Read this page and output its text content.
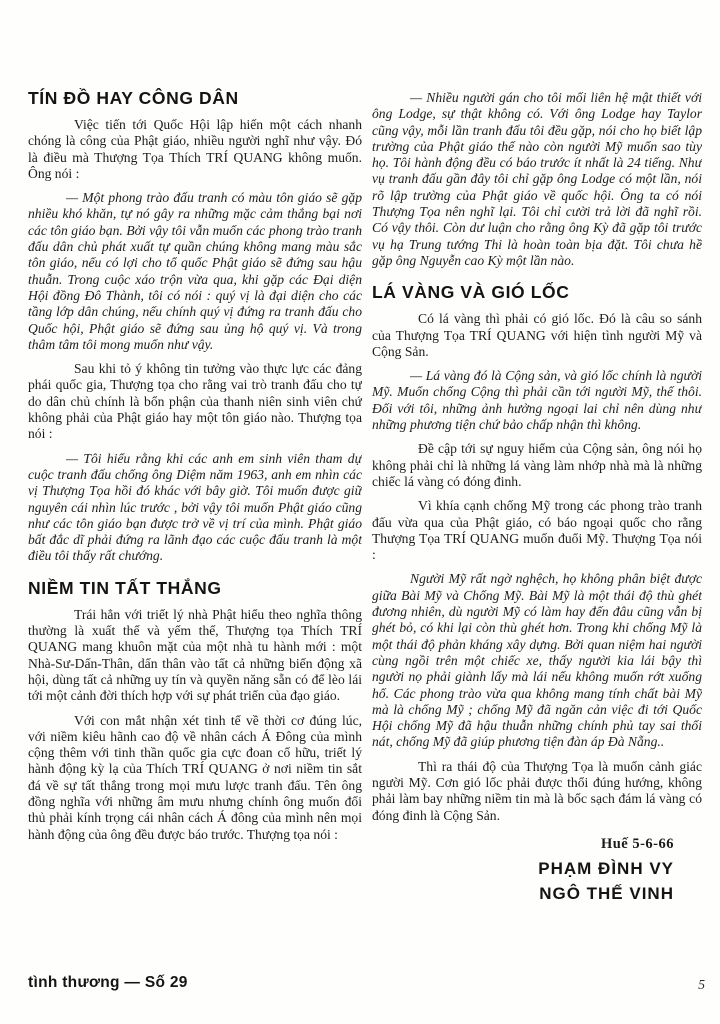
TÍN ĐỒ HAY CÔNG DÂN

Việc tiến tới Quốc Hội lập hiến một cách nhanh chóng là công của Phật giáo, nhiều người nghĩ như vậy. Đó là điều mà Thượng Tọa Thích TRÍ QUANG không muốn. Ông nói :

— Một phong trào đấu tranh có màu tôn giáo sẽ gặp nhiều khó khăn, tự nó gây ra những mặc cảm thắng bại nơi các tôn giáo bạn. Bởi vậy tôi vẫn muốn các phong trào tranh đấu dân chủ phát xuất tự quần chúng không mang màu sắc tôn giáo, nếu có lợi cho tổ quốc Phật giáo sẽ đứng sau hậu thuẫn. Trong cuộc xáo trộn vừa qua, khi gặp các Đại diện Hội đồng Đô Thành, tôi có nói : quý vị là đại diện cho các tầng lớp dân chúng, nếu chính quý vị đứng ra tranh đấu cho Quốc hội, Phật giáo sẽ đứng sau ủng hộ quý vị. Và trong thâm tâm tôi mong muốn như vậy.

Sau khi tỏ ý không tin tưởng vào thực lực các đảng phái quốc gia, Thượng tọa cho rằng vai trò tranh đấu cho tự do dân chủ chính là bổn phận của thanh niên sinh viên chứ không phải của Phật giáo hay một tôn giáo nào. Thượng tọa nói :

— Tôi hiểu rằng khi các anh em sinh viên tham dự cuộc tranh đấu chống ông Diệm năm 1963, anh em nhìn các vị Thượng Tọa hồi đó khác với bây giờ. Tôi muốn được giữ nguyên cái nhìn lúc trước , bởi vậy tôi muốn Phật giáo cũng như các tôn giáo bạn được trở về vị trí của mình. Phật giáo bất đắc dĩ phải đứng ra lãnh đạo các cuộc đấu tranh là một điều tôi thấy rất chướng.

NIỀM TIN TẤT THẮNG

Trái hẳn với triết lý nhà Phật hiểu theo nghĩa thông thường là xuất thế và yếm thế, Thượng tọa Thích TRÍ QUANG mang khuôn mặt của một nhà tu hành mới : một Nhà-Sư-Dấn-Thân, dấn thân vào tất cả những biến động xã hội, dùng tất cả những uy tín và quyền năng sẵn có để lèo lái tới một cảnh đời thích hợp với sự phát triển của đạo giáo.

Với con mắt nhận xét tinh tế về thời cơ đúng lúc, với niềm kiêu hãnh cao độ về nhân cách Á Đông của mình cộng thêm với tinh thần quốc gia cực đoan cố hữu, triết lý hành động kỳ lạ của Thích TRÍ QUANG ở nơi niềm tin sắt đá về sự tất thắng trong mọi mưu lược tranh đấu. Tên ông đồng nghĩa với những âm mưu nhưng chính ông muốn đối thủ phải kính trọng cái nhân cách Á đông của mình nên mọi hành động của ông đều được báo trước. Thượng tọa nói :

— Nhiều người gán cho tôi mối liên hệ mật thiết với ông Lodge, sự thật không có. Với ông Lodge hay Taylor cũng vậy, mỗi lần tranh đấu tôi đều gặp, nói cho họ biết lập trường của Phật giáo thế nào còn người Mỹ muốn sao tùy họ. Tôi hành động đều có báo trước ít nhất là 24 tiếng. Như vụ tranh đấu gần đây tôi chỉ gặp ông Lodge có một lần, nói rõ lập trường của Phật giáo về quốc hội. Ông ta có nói Thượng Tọa nên nghĩ lại. Tôi chỉ cười trả lời đã nghĩ rồi. Có vậy thôi. Còn dư luận cho rằng ông Kỳ đã gặp tôi trước vụ hạ Trung tướng Thi là hoàn toàn bịa đặt. Tôi chưa hề gặp ông Nguyễn cao Kỳ một lần nào.

LÁ VÀNG VÀ GIÓ LỐC

Có lá vàng thì phải có gió lốc. Đó là câu so sánh của Thượng Tọa TRÍ QUANG với hiện tình người Mỹ và Cộng Sản.

— Lá vàng đó là Cộng sản, và gió lốc chính là người Mỹ. Muốn chống Cộng thì phải cần tới người Mỹ, thế thôi. Đối với tôi, những ảnh hưởng ngoại lai chỉ nên dùng như những phương tiện chứ bảo chấp nhận thì không.

Đề cập tới sự nguy hiểm của Cộng sản, ông nói họ không phải chỉ là những lá vàng làm nhớp nhà mà là những chiếc lá vàng có đóng đinh.

Vì khía cạnh chống Mỹ trong các phong trào tranh đấu vừa qua của Phật giáo, có báo ngoại quốc cho rằng Thượng Tọa TRÍ QUANG muốn đuổi Mỹ. Thượng Tọa nói :

Người Mỹ rất ngờ nghệch, họ không phân biệt được giữa Bài Mỹ và Chống Mỹ. Bài Mỹ là một thái độ thù ghét đương nhiên, dù người Mỹ có làm hay đến đâu cũng vẫn bị ghét bỏ, có khi lại còn thù ghét hơn. Trong khi chống Mỹ là một thái độ phản kháng xây dựng. Bởi quan niệm hai người cùng ngồi trên một chiếc xe, thấy người kia lái bậy thì người nọ phải giành lấy mà lái nếu không muốn rớt xuống hố. Các phong trào vừa qua không mang tính chất bài Mỹ mà là chống Mỹ ; chống Mỹ đã ngăn cản việc đi tới Quốc Hội chống Mỹ đã hậu thuẫn những chính phủ tay sai thối nát, chống Mỹ đã giúp phương tiện đàn áp Đà Nẵng..

Thì ra thái độ của Thượng Tọa là muốn cảnh giác người Mỹ. Cơn gió lốc phải được thổi đúng hướng, không phải làm bay những niềm tin mà là bốc sạch đám lá vàng có đóng đinh là Cộng Sản.

Huế 5-6-66
PHẠM ĐÌNH VY
NGÔ THẾ VINH
tình thương — Số 29	5
